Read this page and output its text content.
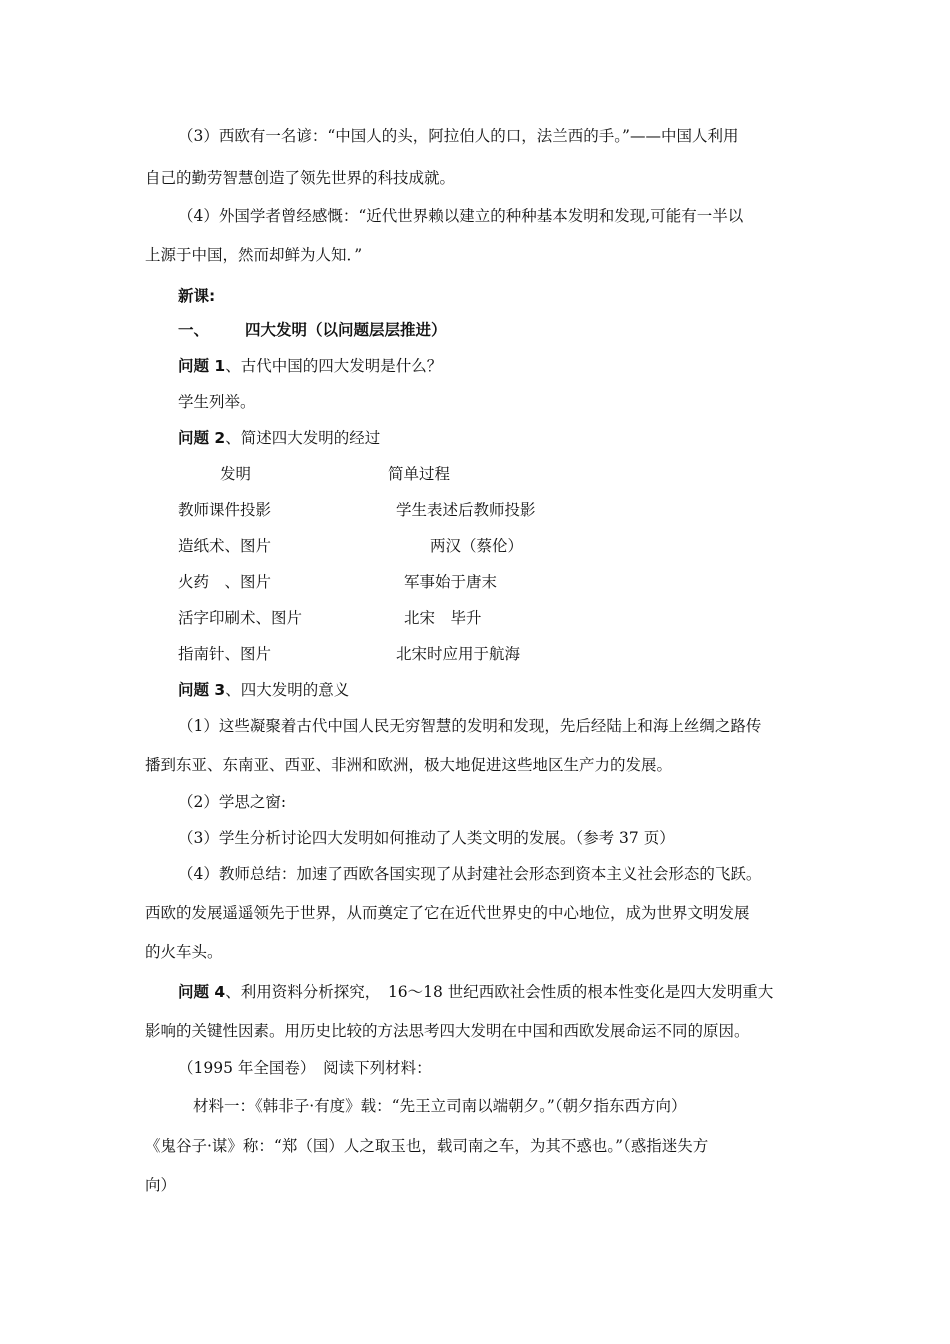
（3）西欧有一名谚：“中国人的头，阿拉伯人的口，法兰西的手。”——中国人利用
自己的勤劳智慧创造了领先世界的科技成就。
（4）外国学者曾经感慨：“近代世界赖以建立的种种基本发明和发现,可能有一半以
上源于中国，然而却鲜为人知．”
新课:
一、 四大发明（以问题层层推进）
问题 1、古代中国的四大发明是什么？
学生列举。
问题 2、简述四大发明的经过
发明	简单过程
教师课件投影	学生表述后教师投影
造纸术、图片	两汉（蔡伦）
火药　、图片	军事始于唐末
活字印刷术、图片	北宋　毕升
指南针、图片	北宋时应用于航海
问题 3、四大发明的意义
（1）这些凝聚着古代中国人民无穷智慧的发明和发现，先后经陆上和海上丝绸之路传
播到东亚、东南亚、西亚、非洲和欧洲，极大地促进这些地区生产力的发展。
（2）学思之窗:
（3）学生分析讨论四大发明如何推动了人类文明的发展。（参考 37 页）
（4）教师总结：加速了西欧各国实现了从封建社会形态到资本主义社会形态的飞跃。
西欧的发展遥遥领先于世界，从而奠定了它在近代世界史的中心地位，成为世界文明发展
的火车头。
问题 4、利用资料分析探究，　16～18 世纪西欧社会性质的根本性变化是四大发明重大
影响的关键性因素。用历史比较的方法思考四大发明在中国和西欧发展命运不同的原因。
（1995 年全国卷）　阅读下列材料：
材料一：《韩非子·有度》载：“先王立司南以端朝夕。”（朝夕指东西方向）
《鬼谷子·谋》称：“郑（国）人之取玉也，载司南之车，为其不惑也。”（惑指迷失方
向）
